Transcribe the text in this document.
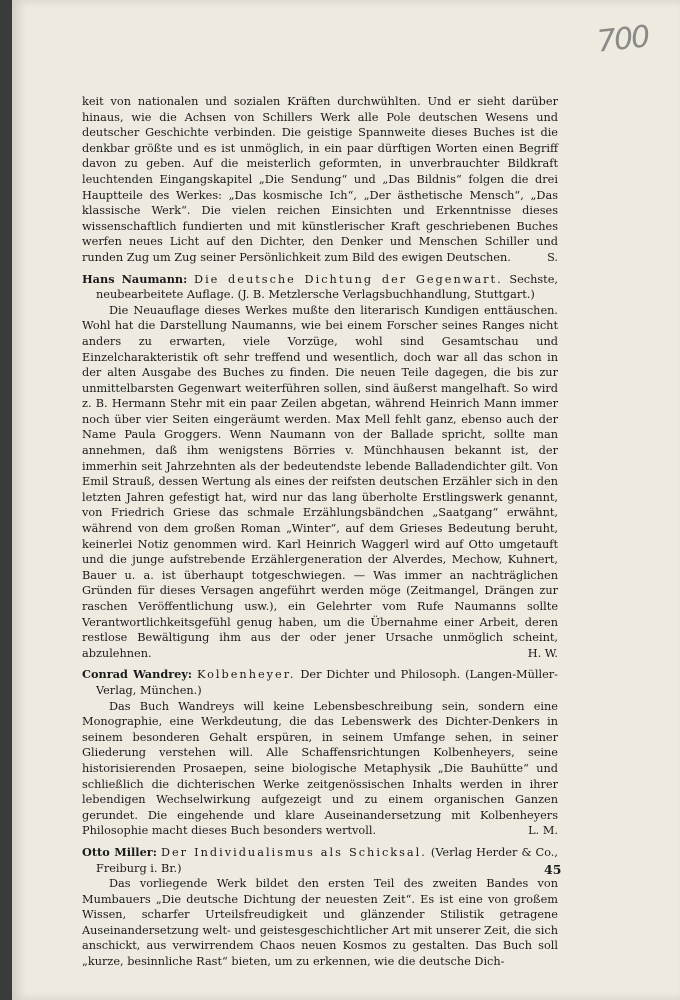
700

keit von nationalen und sozialen Kräften durchwühlten. Und er sieht darüber hinaus, wie die Achsen von Schillers Werk alle Pole deutschen Wesens und deutscher Geschichte verbinden. Die geistige Spannweite dieses Buches ist die denkbar größte und es ist unmöglich, in ein paar dürftigen Worten einen Begriff davon zu geben. Auf die meisterlich geformten, in unverbrauchter Bildkraft leuchtenden Eingangskapitel „Die Sendung“ und „Das Bildnis“ folgen die drei Hauptteile des Werkes: „Das kosmische Ich“, „Der ästhetische Mensch“, „Das klassische Werk“. Die vielen reichen Einsichten und Erkenntnisse dieses wissenschaftlich fundierten und mit künstlerischer Kraft geschriebenen Buches werfen neues Licht auf den Dichter, den Denker und Menschen Schiller und runden Zug um Zug seiner Persönlichkeit zum Bild des ewigen Deutschen.	S.

Hans Naumann: Die deutsche Dichtung der Gegenwart. Sechste, neubearbeitete Auflage. (J. B. Metzlersche Verlagsbuchhandlung, Stuttgart.)

Die Neuauflage dieses Werkes mußte den literarisch Kundigen enttäuschen. Wohl hat die Darstellung Naumanns, wie bei einem Forscher seines Ranges nicht anders zu erwarten, viele Vorzüge, wohl sind Gesamtschau und Einzelcharakteristik oft sehr treffend und wesentlich, doch war all das schon in der alten Ausgabe des Buches zu finden. Die neuen Teile dagegen, die bis zur unmittelbarsten Gegenwart weiterführen sollen, sind äußerst mangelhaft. So wird z. B. Hermann Stehr mit ein paar Zeilen abgetan, während Heinrich Mann immer noch über vier Seiten eingeräumt werden. Max Mell fehlt ganz, ebenso auch der Name Paula Groggers. Wenn Naumann von der Ballade spricht, sollte man annehmen, daß ihm wenigstens Börries v. Münchhausen bekannt ist, der immerhin seit Jahrzehnten als der bedeutendste lebende Balladendichter gilt. Von Emil Strauß, dessen Wertung als eines der reifsten deutschen Erzähler sich in den letzten Jahren gefestigt hat, wird nur das lang überholte Erstlingswerk genannt, von Friedrich Griese das schmale Erzählungsbändchen „Saatgang“ erwähnt, während von dem großen Roman „Winter“, auf dem Grieses Bedeutung beruht, keinerlei Notiz genommen wird. Karl Heinrich Waggerl wird auf Otto umgetauft und die junge aufstrebende Erzählergeneration der Alverdes, Mechow, Kuhnert, Bauer u. a. ist überhaupt totgeschwiegen. — Was immer an nachträglichen Gründen für dieses Versagen angeführt werden möge (Zeitmangel, Drängen zur raschen Veröffentlichung usw.), ein Gelehrter vom Rufe Naumanns sollte Verantwortlichkeitsgefühl genug haben, um die Übernahme einer Arbeit, deren restlose Bewältigung ihm aus der oder jener Ursache unmöglich scheint, abzulehnen.	H. W.

Conrad Wandrey: Kolbenheyer. Der Dichter und Philosoph. (Langen-Müller-Verlag, München.)

Das Buch Wandreys will keine Lebensbeschreibung sein, sondern eine Monographie, eine Werkdeutung, die das Lebenswerk des Dichter-Denkers in seinem besonderen Gehalt erspüren, in seinem Umfange sehen, in seiner Gliederung verstehen will. Alle Schaffensrichtungen Kolbenheyers, seine historisierenden Prosaepen, seine biologische Metaphysik „Die Bauhütte“ und schließlich die dichterischen Werke zeitgenössischen Inhalts werden in ihrer lebendigen Wechselwirkung aufgezeigt und zu einem organischen Ganzen gerundet. Die eingehende und klare Auseinandersetzung mit Kolbenheyers Philosophie macht dieses Buch besonders wertvoll.	L. M.

Otto Miller: Der Individualismus als Schicksal. (Verlag Herder & Co., Freiburg i. Br.)

Das vorliegende Werk bildet den ersten Teil des zweiten Bandes von Mumbauers „Die deutsche Dichtung der neuesten Zeit“. Es ist eine von großem Wissen, scharfer Urteilsfreudigkeit und glänzender Stilistik getragene Auseinandersetzung welt- und geistesgeschichtlicher Art mit unserer Zeit, die sich anschickt, aus verwirrendem Chaos neuen Kosmos zu gestalten. Das Buch soll „kurze, besinnliche Rast“ bieten, um zu erkennen, wie die deutsche Dich-

45
